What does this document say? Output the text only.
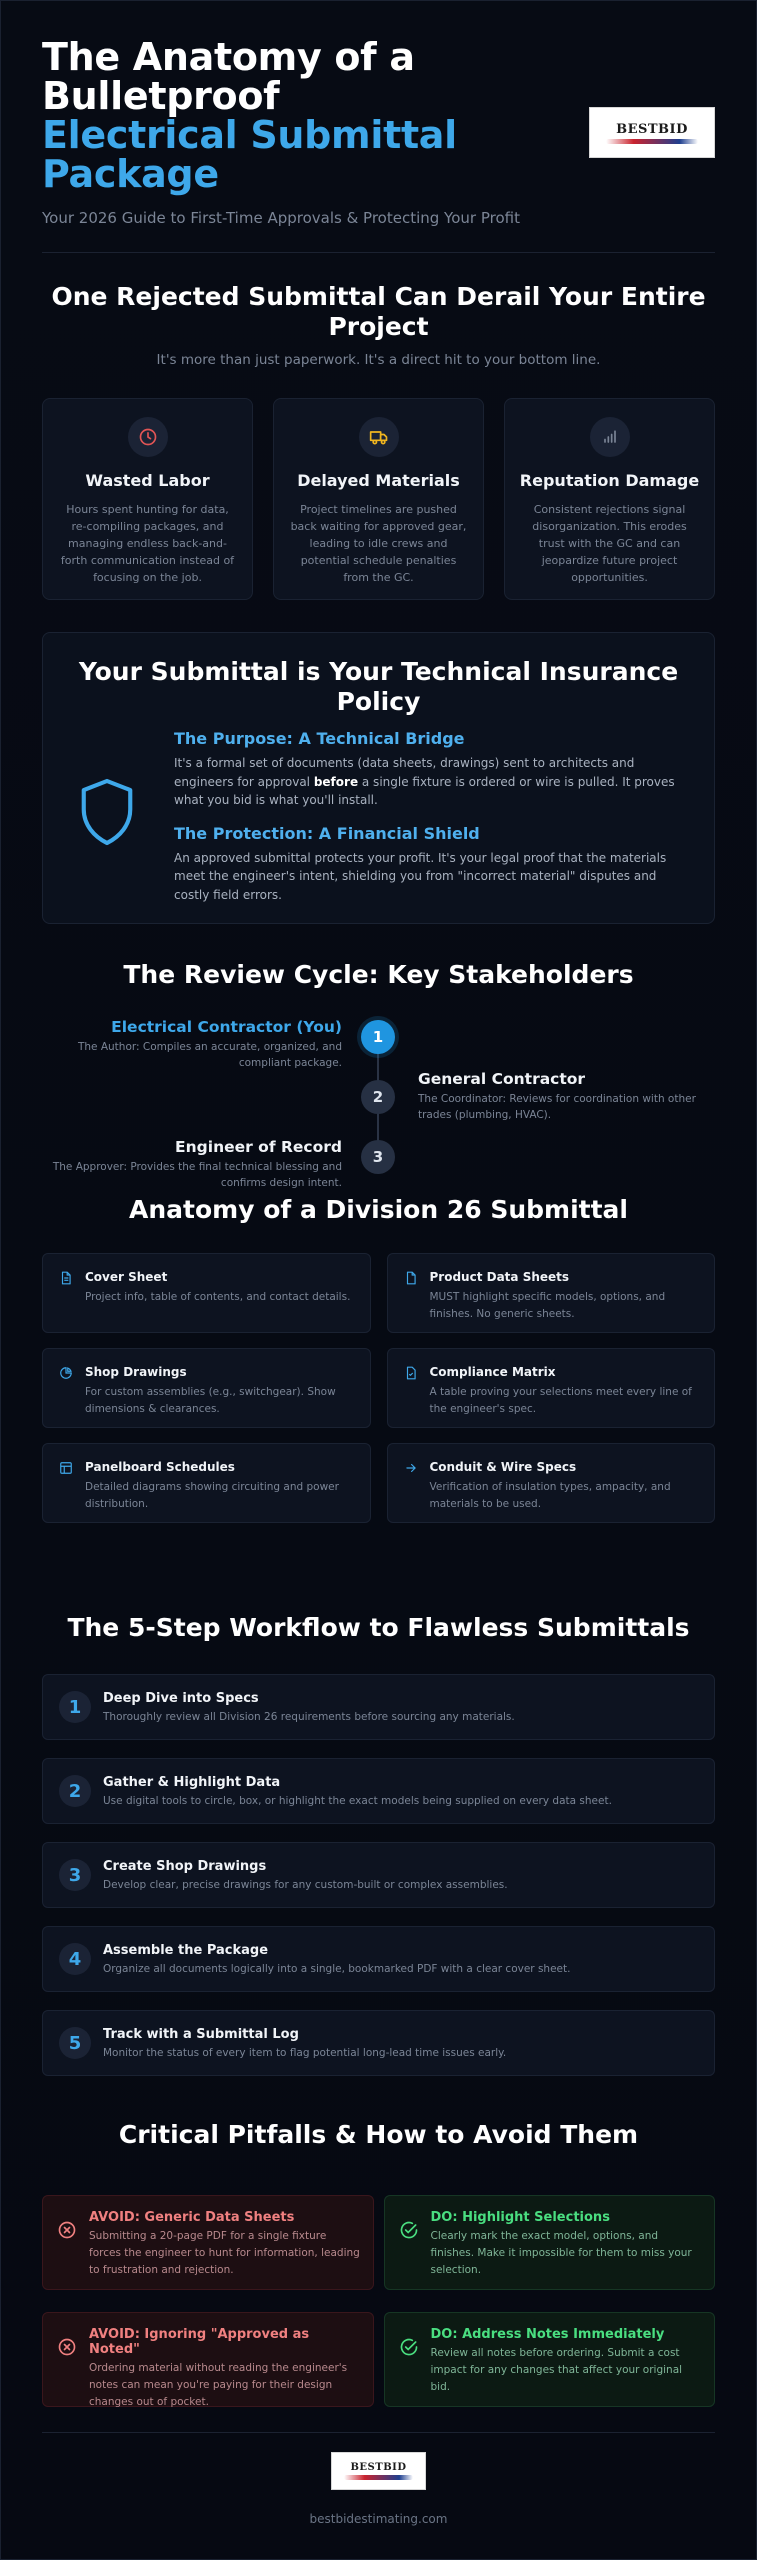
The Anatomy of a Bulletproof
Electrical Submittal Package
Your 2026 Guide to First-Time Approvals & Protecting Your Profit
BESTBID
One Rejected Submittal Can Derail Your Entire Project
It's more than just paperwork. It's a direct hit to your bottom line.
Wasted Labor

Hours spent hunting for data, re-compiling packages, and managing endless back-and-forth communication instead of focusing on the job.

Delayed Materials

Project timelines are pushed back waiting for approved gear, leading to idle crews and potential schedule penalties from the GC.

Reputation Damage

Consistent rejections signal disorganization. This erodes trust with the GC and can jeopardize future project opportunities.

Your Submittal is Your Technical Insurance Policy
The Purpose: A Technical Bridge

It's a formal set of documents (data sheets, drawings) sent to architects and engineers for approval before a single fixture is ordered or wire is pulled. It proves what you bid is what you'll install.

The Protection: A Financial Shield

An approved submittal protects your profit. It's your legal proof that the materials meet the engineer's intent, shielding you from "incorrect material" disputes and costly field errors.

The Review Cycle: Key Stakeholders
1
2
3
Electrical Contractor (You)
The Author: Compiles an accurate, organized, and compliant package.
General Contractor
The Coordinator: Reviews for coordination with other trades (plumbing, HVAC).
Engineer of Record
The Approver: Provides the final technical blessing and confirms design intent.
Anatomy of a Division 26 Submittal
Cover Sheet

Project info, table of contents, and contact details.

Product Data Sheets

MUST highlight specific models, options, and finishes. No generic sheets.

Shop Drawings

For custom assemblies (e.g., switchgear). Show dimensions & clearances.

Compliance Matrix

A table proving your selections meet every line of the engineer's spec.

Panelboard Schedules

Detailed diagrams showing circuiting and power distribution.

Conduit & Wire Specs

Verification of insulation types, ampacity, and materials to be used.

The 5-Step Workflow to Flawless Submittals
1	Deep Dive into Specs

Thoroughly review all Division 26 requirements before sourcing any materials.

2	Gather & Highlight Data

Use digital tools to circle, box, or highlight the exact models being supplied on every data sheet.

3	Create Shop Drawings

Develop clear, precise drawings for any custom-built or complex assemblies.

4	Assemble the Package

Organize all documents logically into a single, bookmarked PDF with a clear cover sheet.

5	Track with a Submittal Log

Monitor the status of every item to flag potential long-lead time issues early.

Critical Pitfalls & How to Avoid Them
AVOID: Generic Data Sheets

Submitting a 20-page PDF for a single fixture forces the engineer to hunt for information, leading to frustration and rejection.

DO: Highlight Selections

Clearly mark the exact model, options, and finishes. Make it impossible for them to miss your selection.

AVOID: Ignoring "Approved as Noted"

Ordering material without reading the engineer's notes can mean you're paying for their design changes out of pocket.

DO: Address Notes Immediately

Review all notes before ordering. Submit a cost impact for any changes that affect your original bid.

BESTBID
bestbidestimating.com
